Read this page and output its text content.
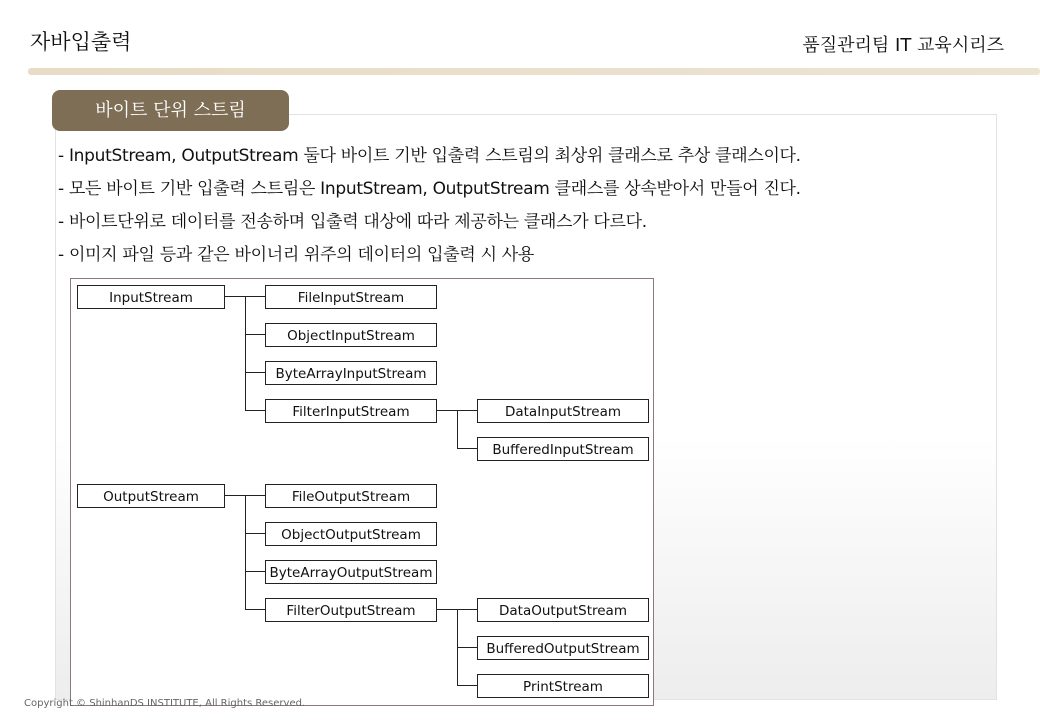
자바입출력	품질관리팀 IT 교육시리즈
바이트 단위 스트림
- InputStream, OutputStream 둘다 바이트 기반 입출력 스트림의 최상위 클래스로 추상 클래스이다.
- 모든 바이트 기반 입출력 스트림은 InputStream, OutputStream 클래스를 상속받아서 만들어 진다.
- 바이트단위로 데이터를 전송하며 입출력 대상에 따라 제공하는 클래스가 다르다.
- 이미지 파일 등과 같은 바이너리 위주의 데이터의 입출력 시 사용
InputStream	FileInputStream
ObjectInputStream
ByteArrayInputStream
FilterInputStream	DataInputStream
BufferedInputStream
OutputStream	FileOutputStream
ObjectOutputStream
ByteArrayOutputStream
FilterOutputStream	DataOutputStream
BufferedOutputStream
PrintStream
Copyright © ShinhanDS INSTITUTE, All Rights Reserved.
